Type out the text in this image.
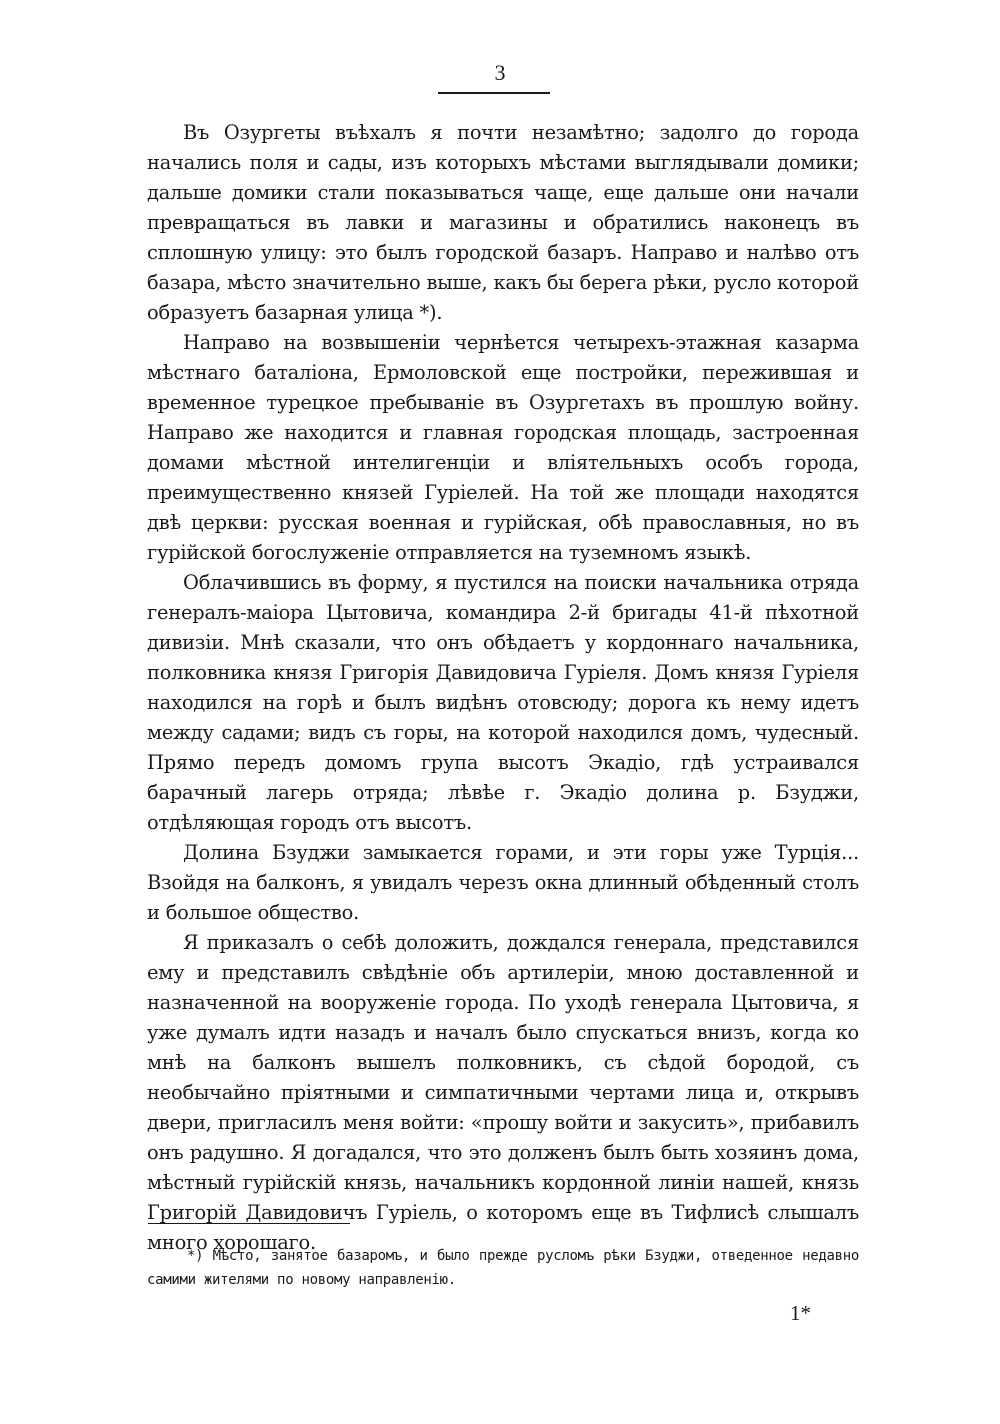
3

Въ Озургеты въѣхалъ я почти незамѣтно; задолго до города начались поля и сады, изъ которыхъ мѣстами выглядывали домики; дальше домики стали показываться чаще, еще дальше они начали превращаться въ лавки и магазины и обратились наконецъ въ сплошную улицу: это былъ городской базаръ. Направо и налѣво отъ базара, мѣсто значительно выше, какъ бы берега рѣки, русло которой образуетъ базарная улица *).

Направо на возвышеніи чернѣется четырехъ-этажная казарма мѣстнаго баталіона, Ермоловской еще постройки, пережившая и временное турецкое пребываніе въ Озургетахъ въ прошлую войну. Направо же находится и главная городская площадь, застроенная домами мѣстной интелигенціи и вліятельныхъ особъ города, преимущественно князей Гуріелей. На той же площади находятся двѣ церкви: русская военная и гурійская, обѣ православныя, но въ гурійской богослуженіе отправляется на туземномъ языкѣ.

Облачившись въ форму, я пустился на поиски начальника отряда генералъ-маіора Цытовича, командира 2-й бригады 41-й пѣхотной дивизіи. Мнѣ сказали, что онъ обѣдаетъ у кордоннаго начальника, полковника князя Григорія Давидовича Гуріеля. Домъ князя Гуріеля находился на горѣ и былъ видѣнъ отовсюду; дорога къ нему идетъ между садами; видъ съ горы, на которой находился домъ, чудесный. Прямо передъ домомъ група высотъ Экадіо, гдѣ устраивался барачный лагерь отряда; лѣвѣе г. Экадіо долина р. Бзуджи, отдѣляющая городъ отъ высотъ.

Долина Бзуджи замыкается горами, и эти горы уже Турція... Взойдя на балконъ, я увидалъ черезъ окна длинный обѣденный столъ и большое общество.

Я приказалъ о себѣ доложить, дождался генерала, представился ему и представилъ свѣдѣніе объ артилеріи, мною доставленной и назначенной на вооруженіе города. По уходѣ генерала Цытовича, я уже думалъ идти назадъ и началъ было спускаться внизъ, когда ко мнѣ на балконъ вышелъ полковникъ, съ сѣдой бородой, съ необычайно пріятными и симпатичными чертами лица и, открывъ двери, пригласилъ меня войти: «прошу войти и закусить», прибавилъ онъ радушно. Я догадался, что это долженъ былъ быть хозяинъ дома, мѣстный гурійскій князь, начальникъ кордонной линіи нашей, князь Григорій Давидовичъ Гуріель, о которомъ еще въ Тифлисѣ слышалъ много хорошаго.

*) Мѣсто, занятое базаромъ, и было прежде русломъ рѣки Бзуджи, отведенное недавно самими жителями по новому направленію.

1*
